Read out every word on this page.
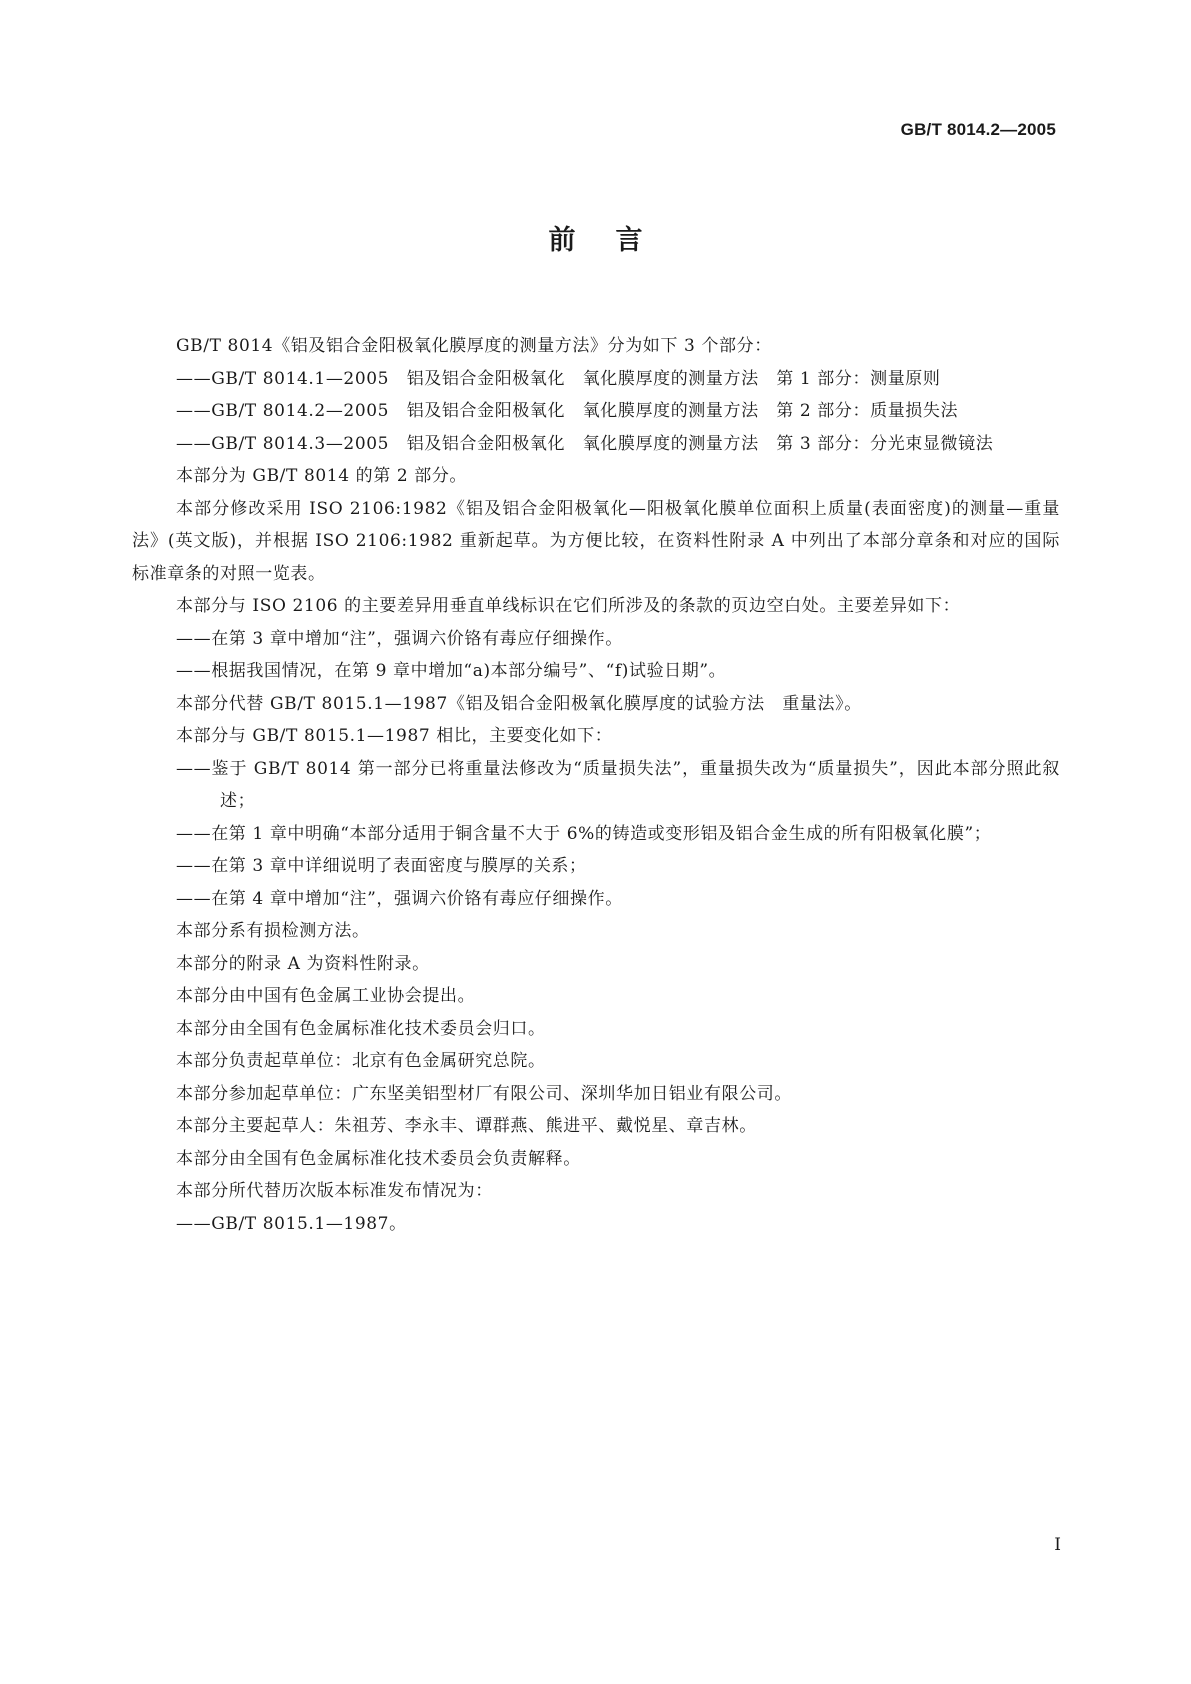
GB/T 8014.2—2005
前言

GB/T 8014《铝及铝合金阳极氧化膜厚度的测量方法》分为如下 3 个部分：

——GB/T 8014.1—2005　铝及铝合金阳极氧化　氧化膜厚度的测量方法　第 1 部分：测量原则

——GB/T 8014.2—2005　铝及铝合金阳极氧化　氧化膜厚度的测量方法　第 2 部分：质量损失法

——GB/T 8014.3—2005　铝及铝合金阳极氧化　氧化膜厚度的测量方法　第 3 部分：分光束显微镜法

本部分为 GB/T 8014 的第 2 部分。

本部分修改采用 ISO 2106:1982《铝及铝合金阳极氧化—阳极氧化膜单位面积上质量(表面密度)的测量—重量法》(英文版)，并根据 ISO 2106:1982 重新起草。为方便比较，在资料性附录 A 中列出了本部分章条和对应的国际标准章条的对照一览表。

本部分与 ISO 2106 的主要差异用垂直单线标识在它们所涉及的条款的页边空白处。主要差异如下：

——在第 3 章中增加“注”，强调六价铬有毒应仔细操作。

——根据我国情况，在第 9 章中增加“a)本部分编号”、“f)试验日期”。

本部分代替 GB/T 8015.1—1987《铝及铝合金阳极氧化膜厚度的试验方法　重量法》。

本部分与 GB/T 8015.1—1987 相比，主要变化如下：

——鉴于 GB/T 8014 第一部分已将重量法修改为“质量损失法”，重量损失改为“质量损失”，因此本部分照此叙述；

——在第 1 章中明确“本部分适用于铜含量不大于 6%的铸造或变形铝及铝合金生成的所有阳极氧化膜”；

——在第 3 章中详细说明了表面密度与膜厚的关系；

——在第 4 章中增加“注”，强调六价铬有毒应仔细操作。

本部分系有损检测方法。

本部分的附录 A 为资料性附录。

本部分由中国有色金属工业协会提出。

本部分由全国有色金属标准化技术委员会归口。

本部分负责起草单位：北京有色金属研究总院。

本部分参加起草单位：广东坚美铝型材厂有限公司、深圳华加日铝业有限公司。

本部分主要起草人：朱祖芳、李永丰、谭群燕、熊进平、戴悦星、章吉林。

本部分由全国有色金属标准化技术委员会负责解释。

本部分所代替历次版本标准发布情况为：

——GB/T 8015.1—1987。

I
